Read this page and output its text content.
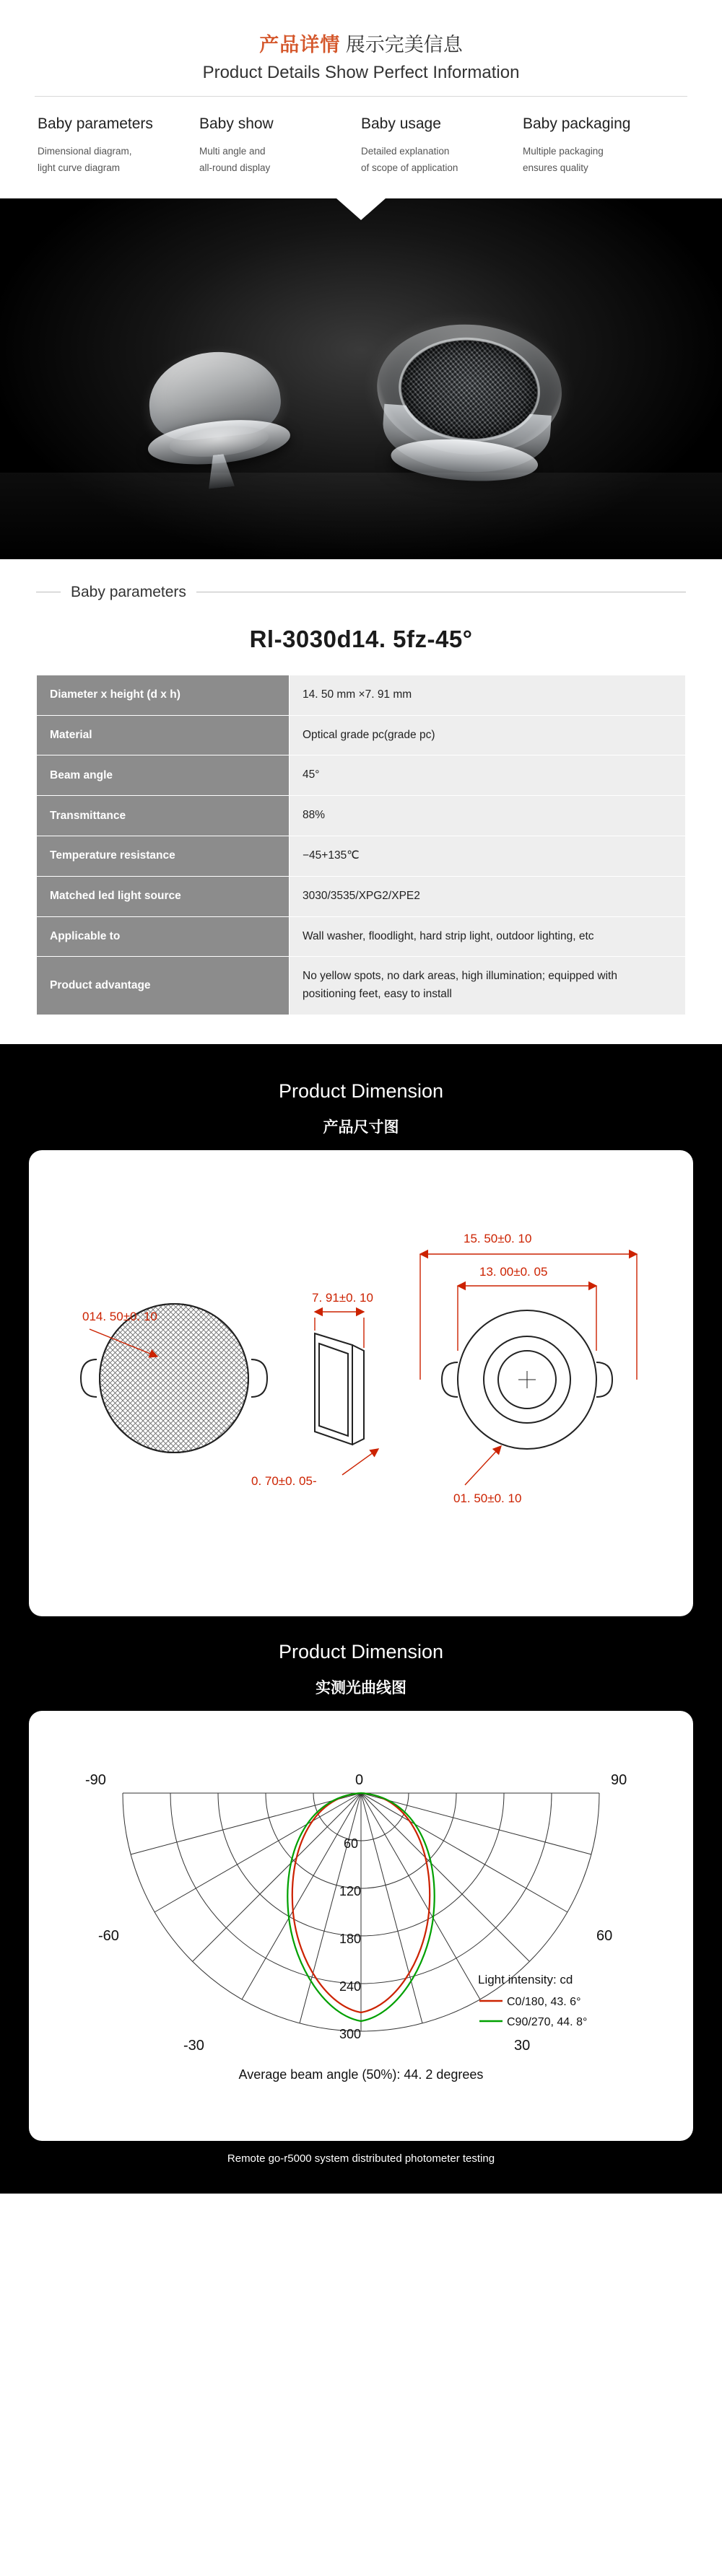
产品详情 展示完美信息
Product Details Show Perfect Information
Baby parameters

Dimensional diagram,
light curve diagram

Baby show

Multi angle and
all-round display

Baby usage

Detailed explanation
of scope of application

Baby packaging

Multiple packaging
ensures quality

Baby parameters
Rl-3030d14. 5fz-45°
Diameter x height (d x h)	14. 50 mm ×7. 91 mm
Material	Optical grade pc(grade pc)
Beam angle	45°
Transmittance	88%
Temperature resistance	−45+135℃
Matched led light source	3030/3535/XPG2/XPE2
Applicable to	Wall washer, floodlight, hard strip light, outdoor lighting, etc
Product advantage	No yellow spots, no dark areas, high illumination; equipped with positioning feet, easy to install
Product Dimension
产品尺寸图
014. 50±0. 10
7. 91±0. 10
0. 70±0. 05-
15. 50±0. 10
13. 00±0. 05
01. 50±0. 10
Product Dimension
实测光曲线图
-90
-60
-30
0
30
60
90
60
120
180
240
300
Light intensity: cd
C0/180, 43. 6°
C90/270, 44. 8°
Average beam angle (50%): 44. 2 degrees
Remote go-r5000 system distributed photometer testing
